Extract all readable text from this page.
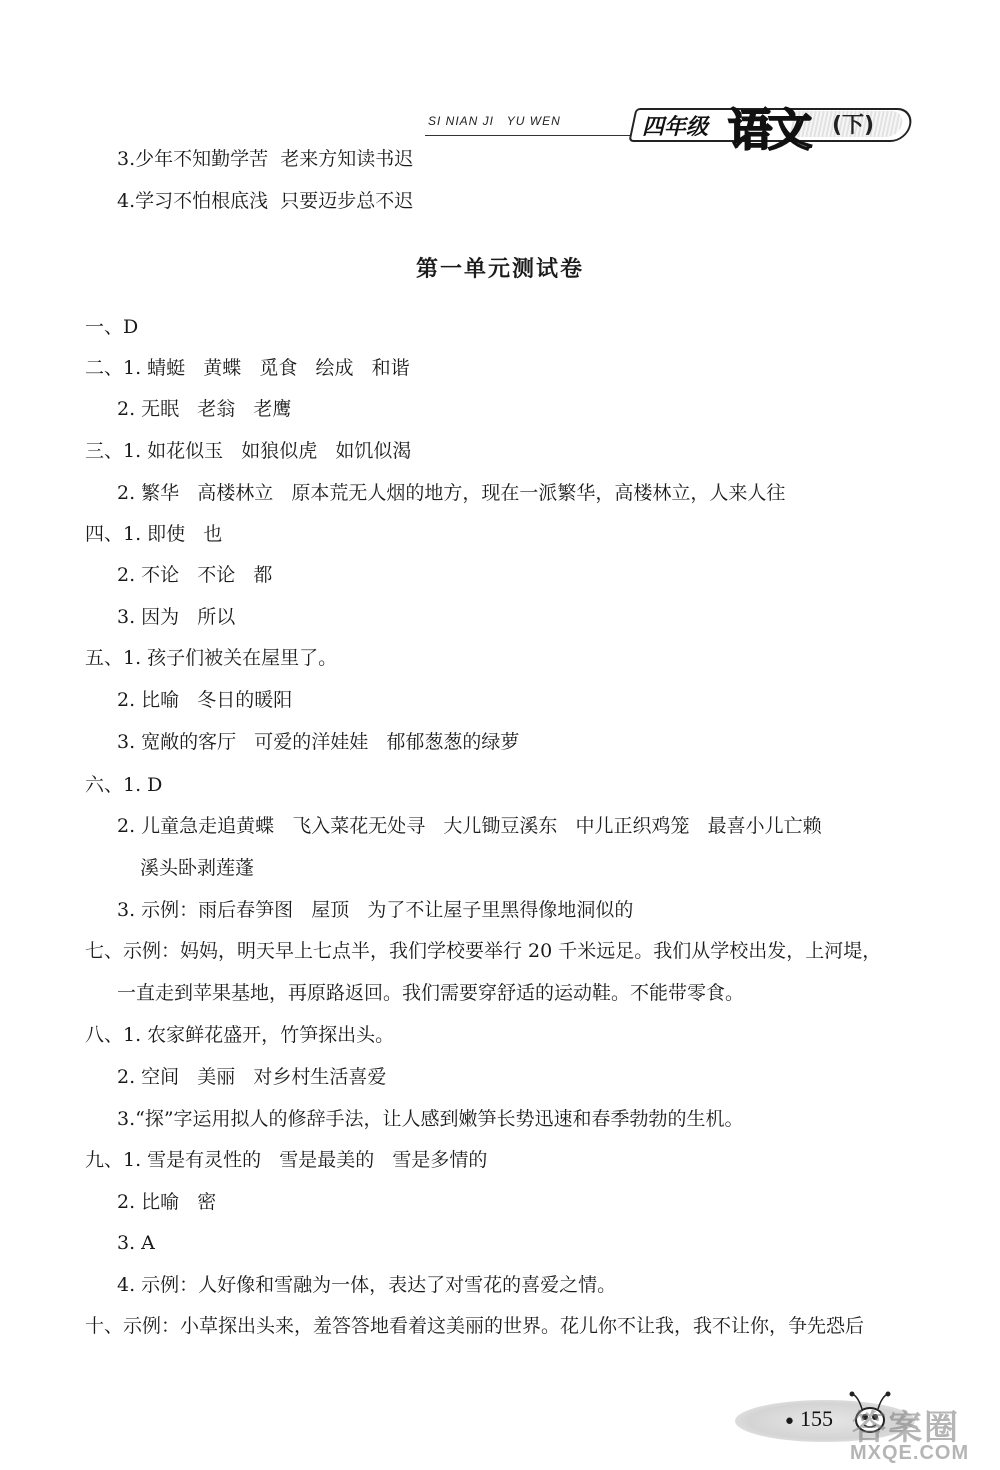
SI NIAN JI   YU WEN	四年级 语文 (下)
3.少年不知勤学苦  老来方知读书迟
4.学习不怕根底浅  只要迈步总不迟
第一单元测试卷
一、D
二、1. 蜻蜓   黄蝶   觅食   绘成   和谐
2. 无眠   老翁   老鹰
三、1. 如花似玉   如狼似虎   如饥似渴
2. 繁华   高楼林立   原本荒无人烟的地方，现在一派繁华，高楼林立，人来人往
四、1. 即使   也
2. 不论   不论   都
3. 因为   所以
五、1. 孩子们被关在屋里了。
2. 比喻   冬日的暖阳
3. 宽敞的客厅   可爱的洋娃娃   郁郁葱葱的绿萝
六、1. D
2. 儿童急走追黄蝶   飞入菜花无处寻   大儿锄豆溪东   中儿正织鸡笼   最喜小儿亡赖
溪头卧剥莲蓬
3. 示例：雨后春笋图   屋顶   为了不让屋子里黑得像地洞似的
七、示例：妈妈，明天早上七点半，我们学校要举行 20 千米远足。我们从学校出发，上河堤，
一直走到苹果基地，再原路返回。我们需要穿舒适的运动鞋。不能带零食。
八、1. 农家鲜花盛开，竹笋探出头。
2. 空间   美丽   对乡村生活喜爱
3.“探”字运用拟人的修辞手法，让人感到嫩笋长势迅速和春季勃勃的生机。
九、1. 雪是有灵性的   雪是最美的   雪是多情的
2. 比喻   密
3. A
4. 示例：人好像和雪融为一体，表达了对雪花的喜爱之情。
十、示例：小草探出头来，羞答答地看着这美丽的世界。花儿你不让我，我不让你，争先恐后
• 155 答案圈
MXQE.COM
